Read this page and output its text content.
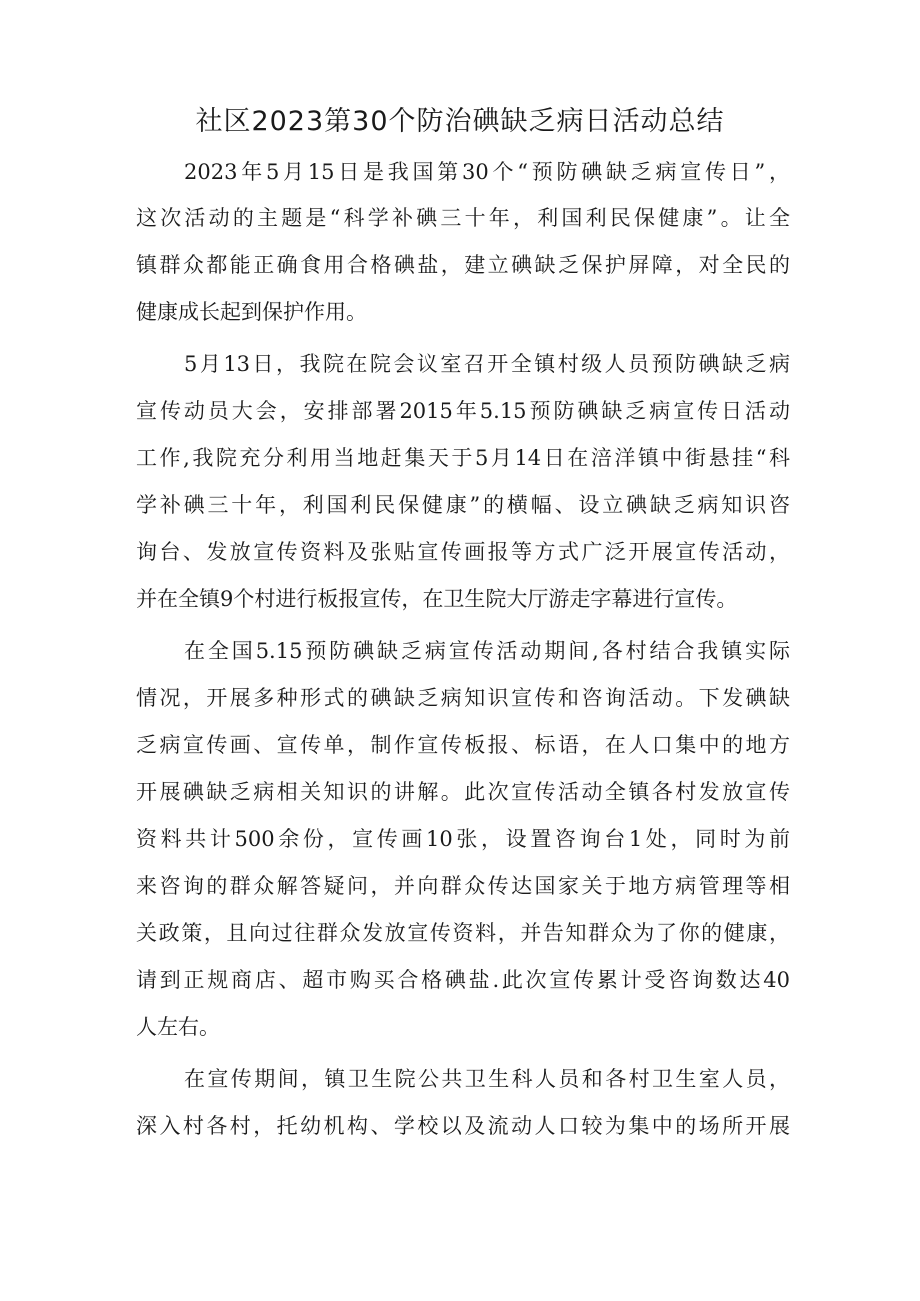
社区2023第30个防治碘缺乏病日活动总结
2023年5月15日是我国第30个“预防碘缺乏病宣传日”，
这次活动的主题是“科学补碘三十年，利国利民保健康”。让全
镇群众都能正确食用合格碘盐，建立碘缺乏保护屏障，对全民的
健康成长起到保护作用。
5月13日，我院在院会议室召开全镇村级人员预防碘缺乏病
宣传动员大会，安排部署2015年5.15预防碘缺乏病宣传日活动
工作,我院充分利用当地赶集天于5月14日在涪洋镇中街悬挂“科
学补碘三十年，利国利民保健康”的横幅、设立碘缺乏病知识咨
询台、发放宣传资料及张贴宣传画报等方式广泛开展宣传活动，
并在全镇9个村进行板报宣传，在卫生院大厅游走字幕进行宣传。
在全国5.15预防碘缺乏病宣传活动期间,各村结合我镇实际
情况，开展多种形式的碘缺乏病知识宣传和咨询活动。下发碘缺
乏病宣传画、宣传单，制作宣传板报、标语，在人口集中的地方
开展碘缺乏病相关知识的讲解。此次宣传活动全镇各村发放宣传
资料共计500余份，宣传画10张，设置咨询台1处，同时为前
来咨询的群众解答疑问，并向群众传达国家关于地方病管理等相
关政策，且向过往群众发放宣传资料，并告知群众为了你的健康，
请到正规商店、超市购买合格碘盐.此次宣传累计受咨询数达40
人左右。
在宣传期间，镇卫生院公共卫生科人员和各村卫生室人员，
深入村各村，托幼机构、学校以及流动人口较为集中的场所开展
